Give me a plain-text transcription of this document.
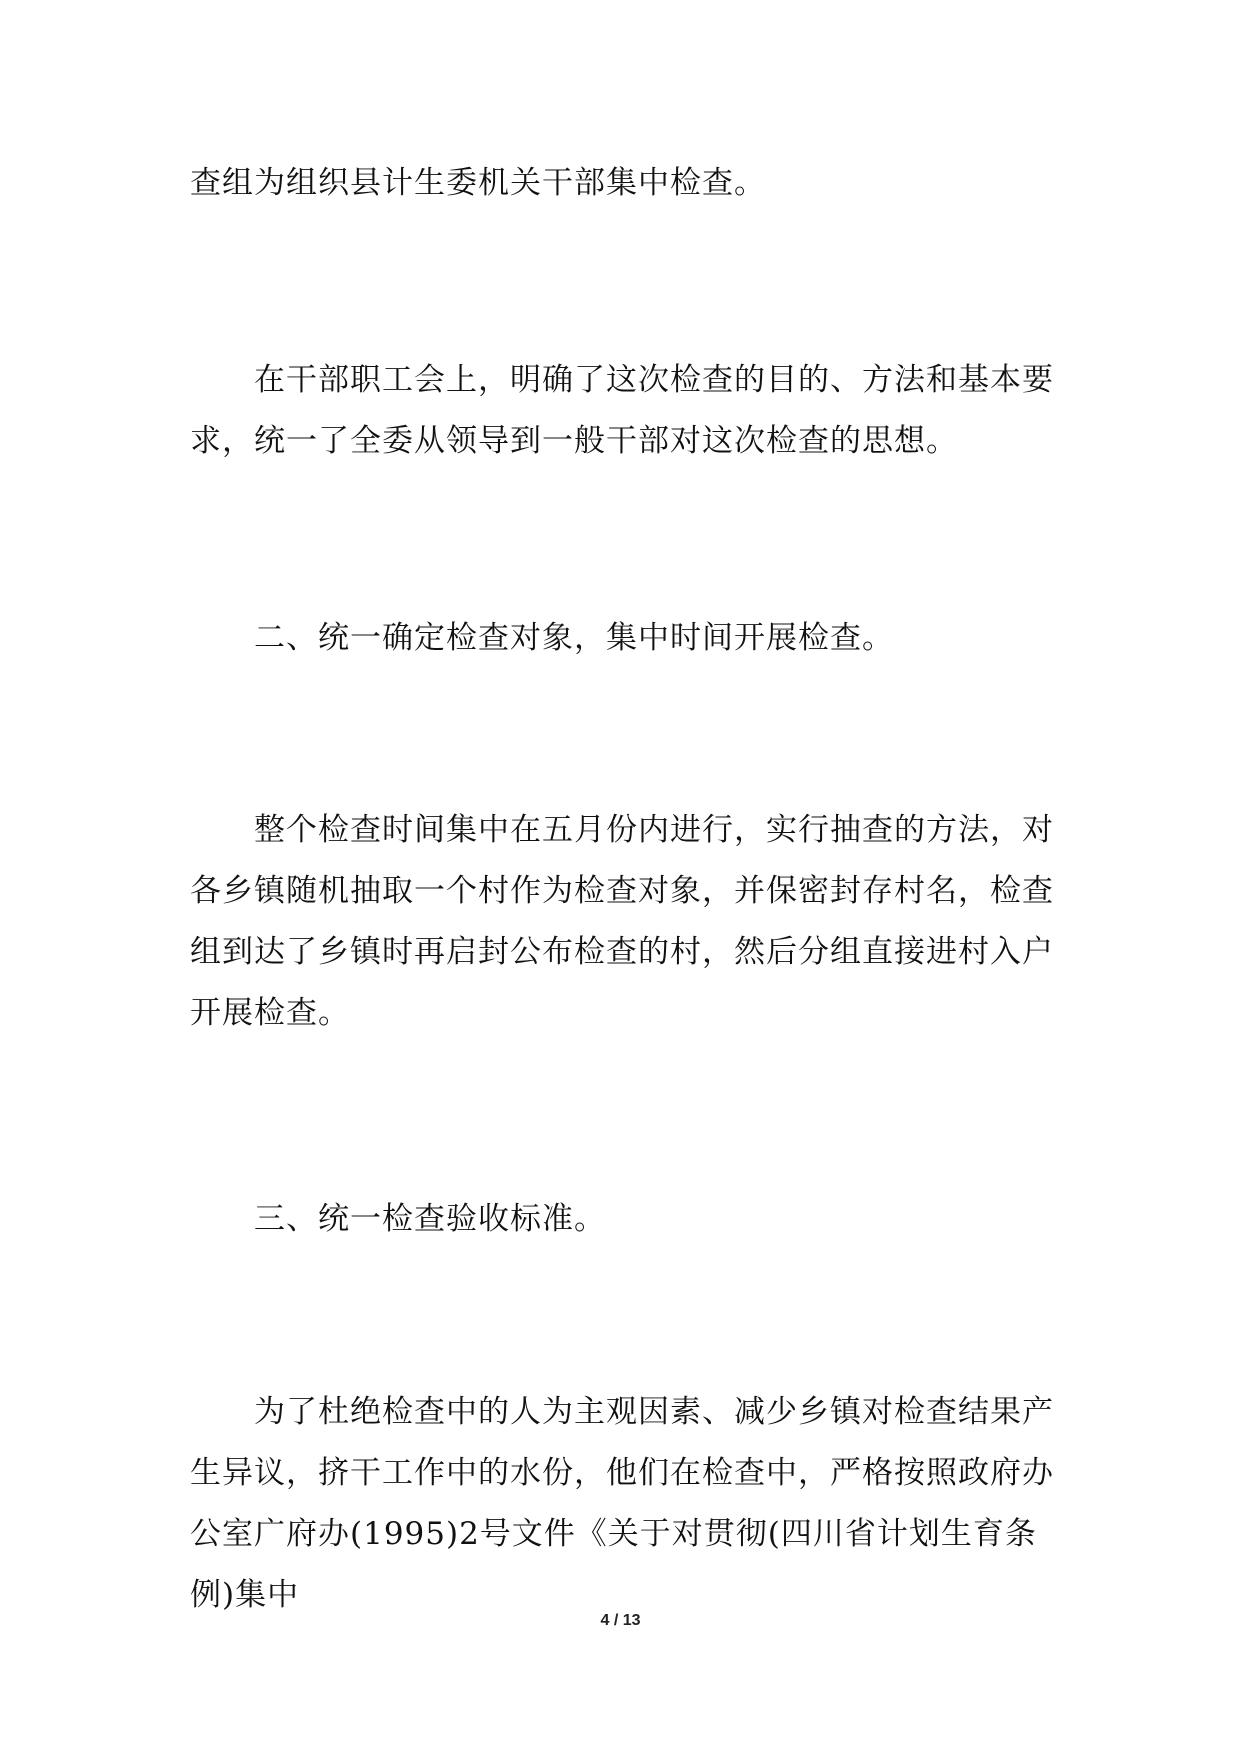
查组为组织县计生委机关干部集中检查。

在干部职工会上，明确了这次检查的目的、方法和基本要求，统一了全委从领导到一般干部对这次检查的思想。

二、统一确定检查对象，集中时间开展检查。

整个检查时间集中在五月份内进行，实行抽查的方法，对各乡镇随机抽取一个村作为检查对象，并保密封存村名，检查组到达了乡镇时再启封公布检查的村，然后分组直接进村入户开展检查。

三、统一检查验收标准。

为了杜绝检查中的人为主观因素、减少乡镇对检查结果产生异议，挤干工作中的水份，他们在检查中，严格按照政府办公室广府办(1995)2号文件《关于对贯彻(四川省计划生育条例)集中

4 / 13
